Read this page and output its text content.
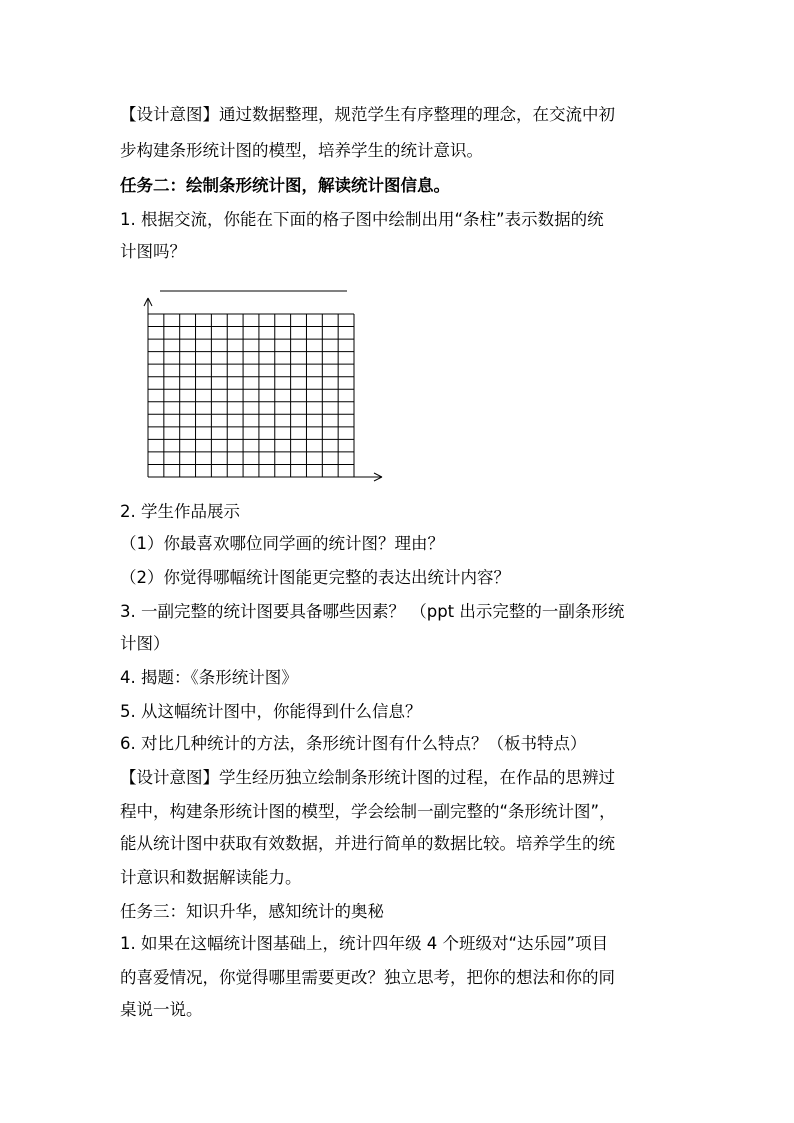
【设计意图】通过数据整理，规范学生有序整理的理念，在交流中初
步构建条形统计图的模型，培养学生的统计意识。
任务二：绘制条形统计图，解读统计图信息。
1. 根据交流，你能在下面的格子图中绘制出用“条柱”表示数据的统
计图吗？
2. 学生作品展示
（1）你最喜欢哪位同学画的统计图？理由？
（2）你觉得哪幅统计图能更完整的表达出统计内容？
3. 一副完整的统计图要具备哪些因素？ （ppt 出示完整的一副条形统
计图）
4. 揭题：《条形统计图》
5. 从这幅统计图中，你能得到什么信息？
6. 对比几种统计的方法，条形统计图有什么特点？（板书特点）
【设计意图】学生经历独立绘制条形统计图的过程，在作品的思辨过
程中，构建条形统计图的模型，学会绘制一副完整的“条形统计图”，
能从统计图中获取有效数据，并进行简单的数据比较。培养学生的统
计意识和数据解读能力。
任务三：知识升华，感知统计的奥秘
1. 如果在这幅统计图基础上，统计四年级 4 个班级对“达乐园”项目
的喜爱情况，你觉得哪里需要更改？独立思考，把你的想法和你的同
桌说一说。
